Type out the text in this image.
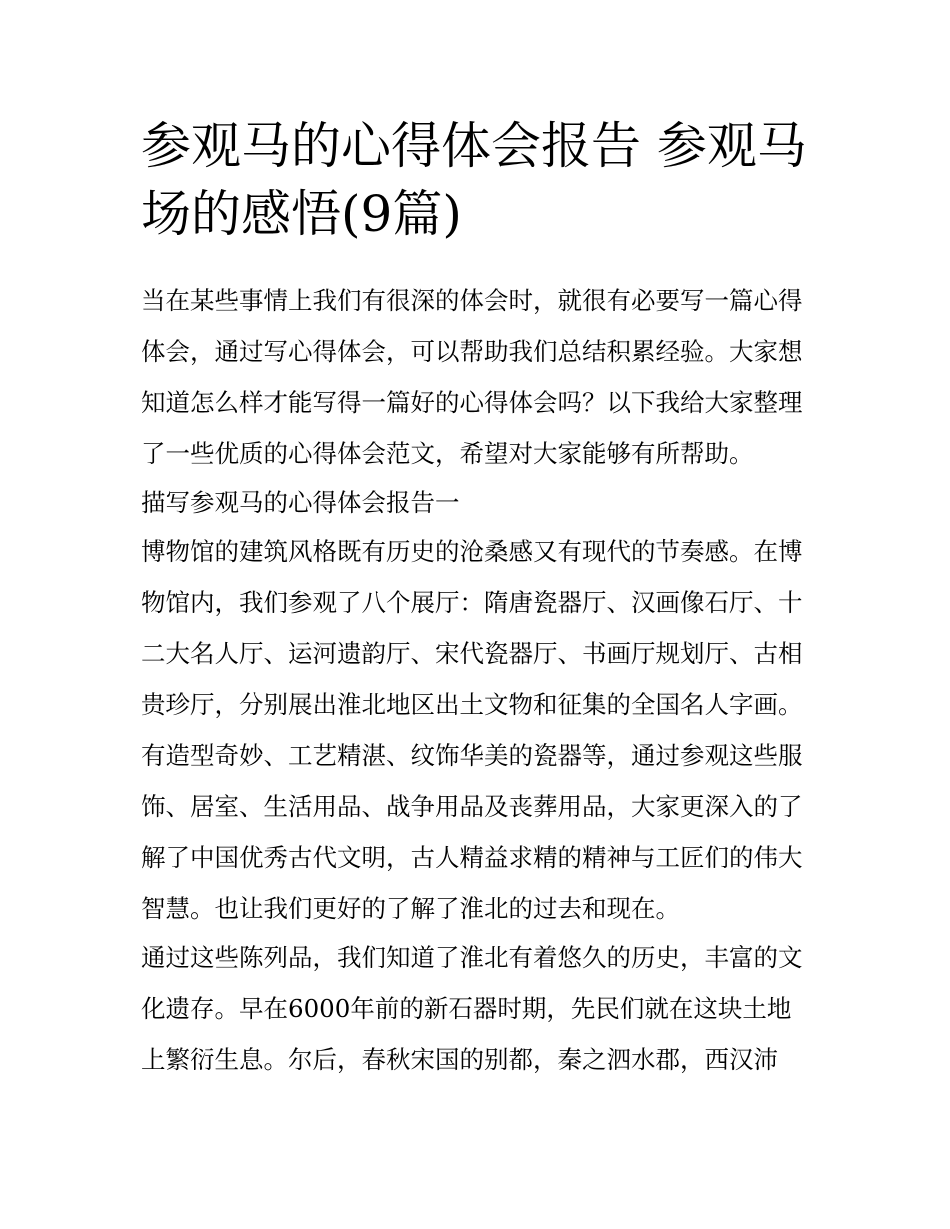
参观马的心得体会报告 参观马
场的感悟(9篇)
当在某些事情上我们有很深的体会时，就很有必要写一篇心得
体会，通过写心得体会，可以帮助我们总结积累经验。大家想
知道怎么样才能写得一篇好的心得体会吗？以下我给大家整理
了一些优质的心得体会范文，希望对大家能够有所帮助。
描写参观马的心得体会报告一
博物馆的建筑风格既有历史的沧桑感又有现代的节奏感。在博
物馆内，我们参观了八个展厅：隋唐瓷器厅、汉画像石厅、十
二大名人厅、运河遗韵厅、宋代瓷器厅、书画厅规划厅、古相
贵珍厅，分别展出淮北地区出土文物和征集的全国名人字画。
有造型奇妙、工艺精湛、纹饰华美的瓷器等，通过参观这些服
饰、居室、生活用品、战争用品及丧葬用品，大家更深入的了
解了中国优秀古代文明，古人精益求精的精神与工匠们的伟大
智慧。也让我们更好的了解了淮北的过去和现在。
通过这些陈列品，我们知道了淮北有着悠久的历史，丰富的文
化遗存。早在6000年前的新石器时期，先民们就在这块土地
上繁衍生息。尔后，春秋宋国的别都，秦之泗水郡，西汉沛
